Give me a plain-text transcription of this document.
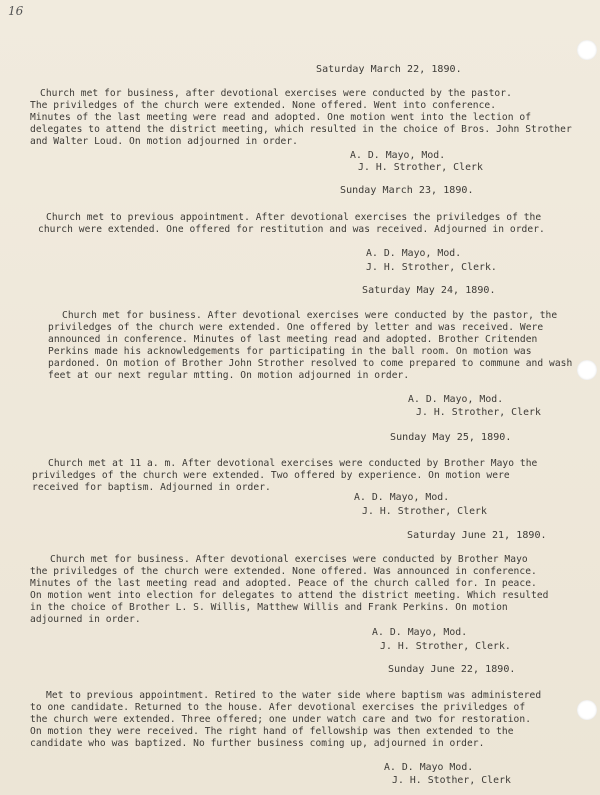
16
Saturday March 22, 1890.
Church met for business, after devotional exercises were conducted by the pastor.
The priviledges of the church were extended. None offered. Went into conference.
Minutes of the last meeting were read and adopted. One motion went into the lection of
delegates to attend the district meeting, which resulted in the choice of Bros. John Strother
and Walter Loud. On motion adjourned in order.
A. D. Mayo, Mod.
J. H. Strother, Clerk
Sunday March 23, 1890.
Church met to previous appointment. After devotional exercises the priviledges of the
church were extended. One offered for restitution and was received. Adjourned in order.
A. D. Mayo, Mod.
J. H. Strother, Clerk.
Saturday May 24, 1890.
Church met for business. After devotional exercises were conducted by the pastor, the
priviledges of the church were extended. One offered by letter and was received. Were
announced in conference. Minutes of last meeting read and adopted. Brother Critenden
Perkins made his acknowledgements for participating in the ball room. On motion was
pardoned. On motion of Brother John Strother resolved to come prepared to commune and wash
feet at our next regular mtting. On motion adjourned in order.
A. D. Mayo, Mod.
J. H. Strother, Clerk
Sunday May 25, 1890.
Church met at 11 a. m. After devotional exercises were conducted by Brother Mayo the
priviledges of the church were extended. Two offered by experience. On motion were
received for baptism. Adjourned in order.
A. D. Mayo, Mod.
J. H. Strother, Clerk
Saturday June 21, 1890.
Church met for business. After devotional exercises were conducted by Brother Mayo
the priviledges of the church were extended. None offered. Was announced in conference.
Minutes of the last meeting read and adopted. Peace of the church called for. In peace.
On motion went into election for delegates to attend the district meeting. Which resulted
in the choice of Brother L. S. Willis, Matthew Willis and Frank Perkins. On motion
adjourned in order.
A. D. Mayo, Mod.
J. H. Strother, Clerk.
Sunday June 22, 1890.
Met to previous appointment. Retired to the water side where baptism was administered
to one candidate. Returned to the house. Afer devotional exercises the priviledges of
the church were extended. Three offered; one under watch care and two for restoration.
On motion they were received. The right hand of fellowship was then extended to the
candidate who was baptized. No further business coming up, adjourned in order.
A. D. Mayo Mod.
J. H. Stother, Clerk
